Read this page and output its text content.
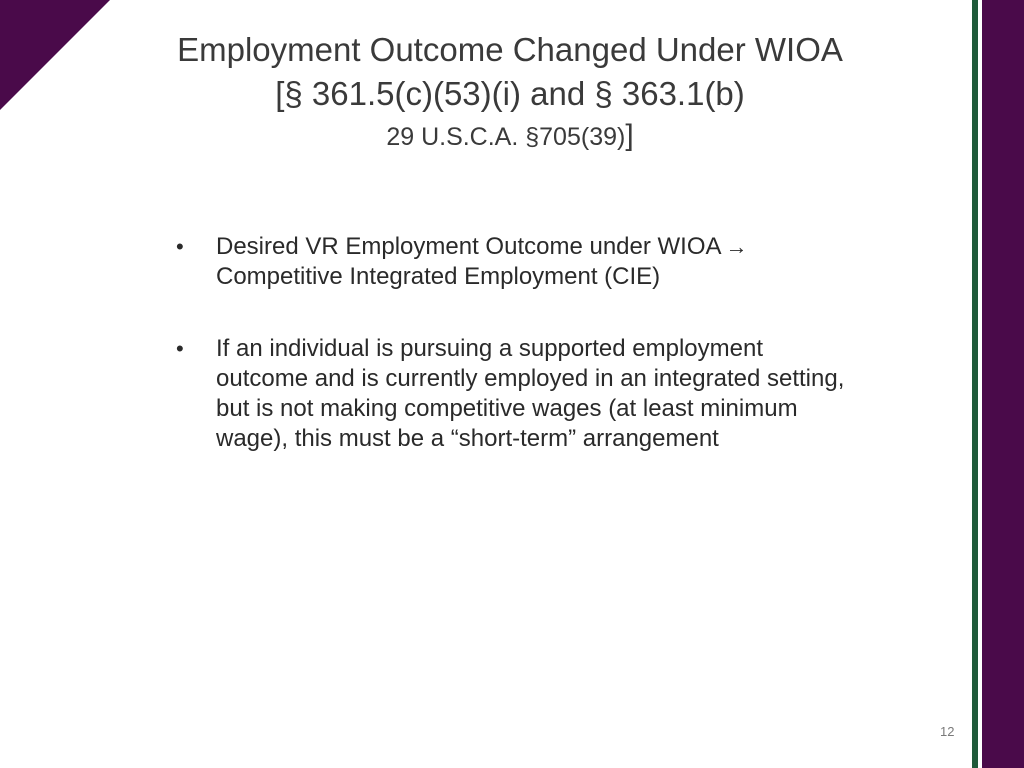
Employment Outcome Changed Under WIOA
[§ 361.5(c)(53)(i) and § 363.1(b)
29 U.S.C.A. §705(39)]
• Desired VR Employment Outcome under WIOA →
Competitive Integrated Employment (CIE)
• If an individual is pursuing a supported employment outcome and is currently employed in an integrated setting, but is not making competitive wages (at least minimum wage), this must be a “short-term” arrangement
12
